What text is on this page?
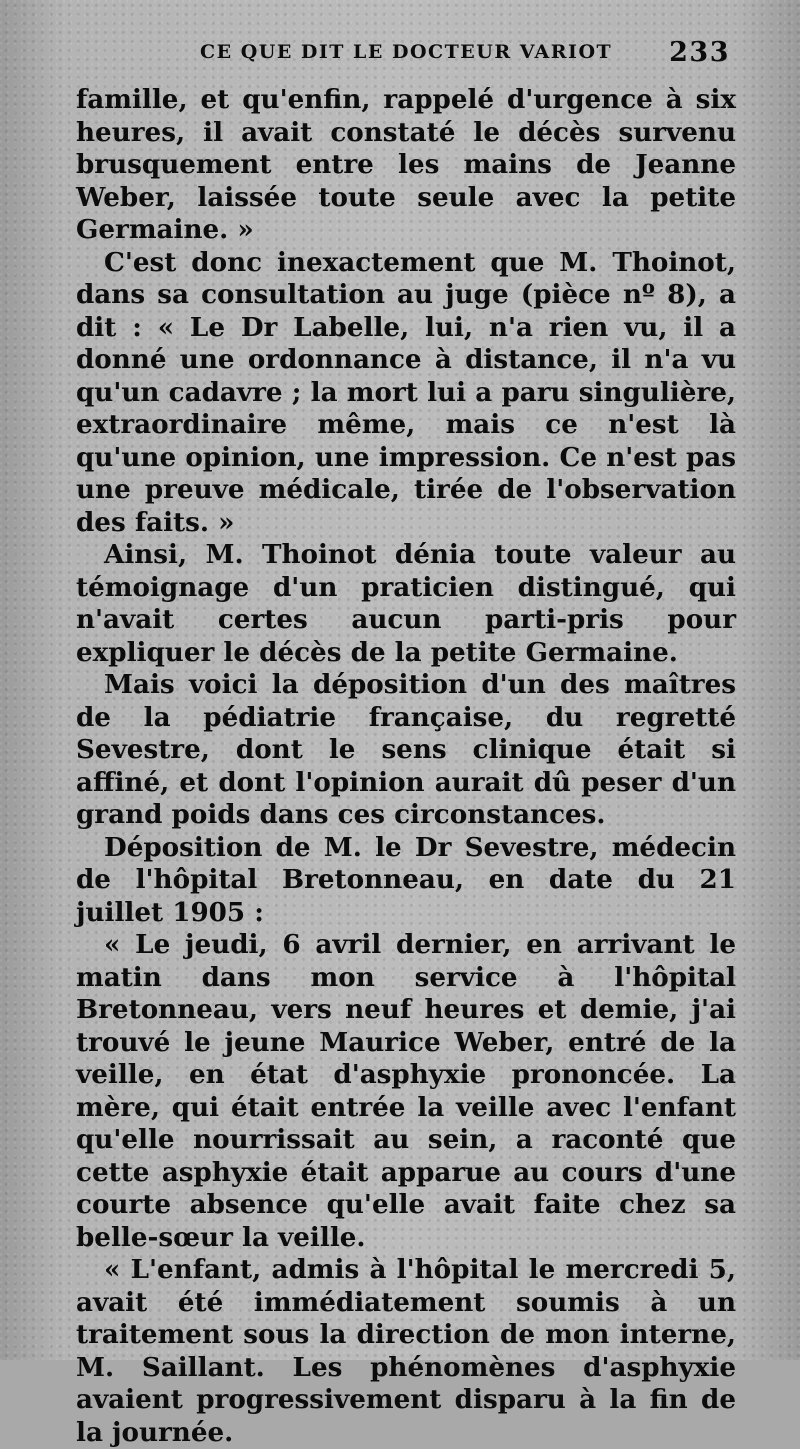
CE QUE DIT LE DOCTEUR VARIOT 233

famille, et qu'enfin, rappelé d'urgence à six heures, il avait constaté le décès survenu brusquement entre les mains de Jeanne Weber, laissée toute seule avec la petite Germaine. »

C'est donc inexactement que M. Thoinot, dans sa consultation au juge (pièce nº 8), a dit : « Le Dr Labelle, lui, n'a rien vu, il a donné une ordonnance à distance, il n'a vu qu'un cadavre ; la mort lui a paru singulière, extraordinaire même, mais ce n'est là qu'une opinion, une impression. Ce n'est pas une preuve médicale, tirée de l'observation des faits. »

Ainsi, M. Thoinot dénia toute valeur au témoignage d'un praticien distingué, qui n'avait certes aucun parti-pris pour expliquer le décès de la petite Germaine.

Mais voici la déposition d'un des maîtres de la pédiatrie française, du regretté Sevestre, dont le sens clinique était si affiné, et dont l'opinion aurait dû peser d'un grand poids dans ces circonstances.

Déposition de M. le Dr Sevestre, médecin de l'hôpital Bretonneau, en date du 21 juillet 1905 :

« Le jeudi, 6 avril dernier, en arrivant le matin dans mon service à l'hôpital Bretonneau, vers neuf heures et demie, j'ai trouvé le jeune Maurice Weber, entré de la veille, en état d'asphyxie prononcée. La mère, qui était entrée la veille avec l'enfant qu'elle nourrissait au sein, a raconté que cette asphyxie était apparue au cours d'une courte absence qu'elle avait faite chez sa belle-sœur la veille.

« L'enfant, admis à l'hôpital le mercredi 5, avait été immédiatement soumis à un traitement sous la direction de mon interne, M. Saillant. Les phénomènes d'asphyxie avaient progressivement disparu à la fin de la journée.
